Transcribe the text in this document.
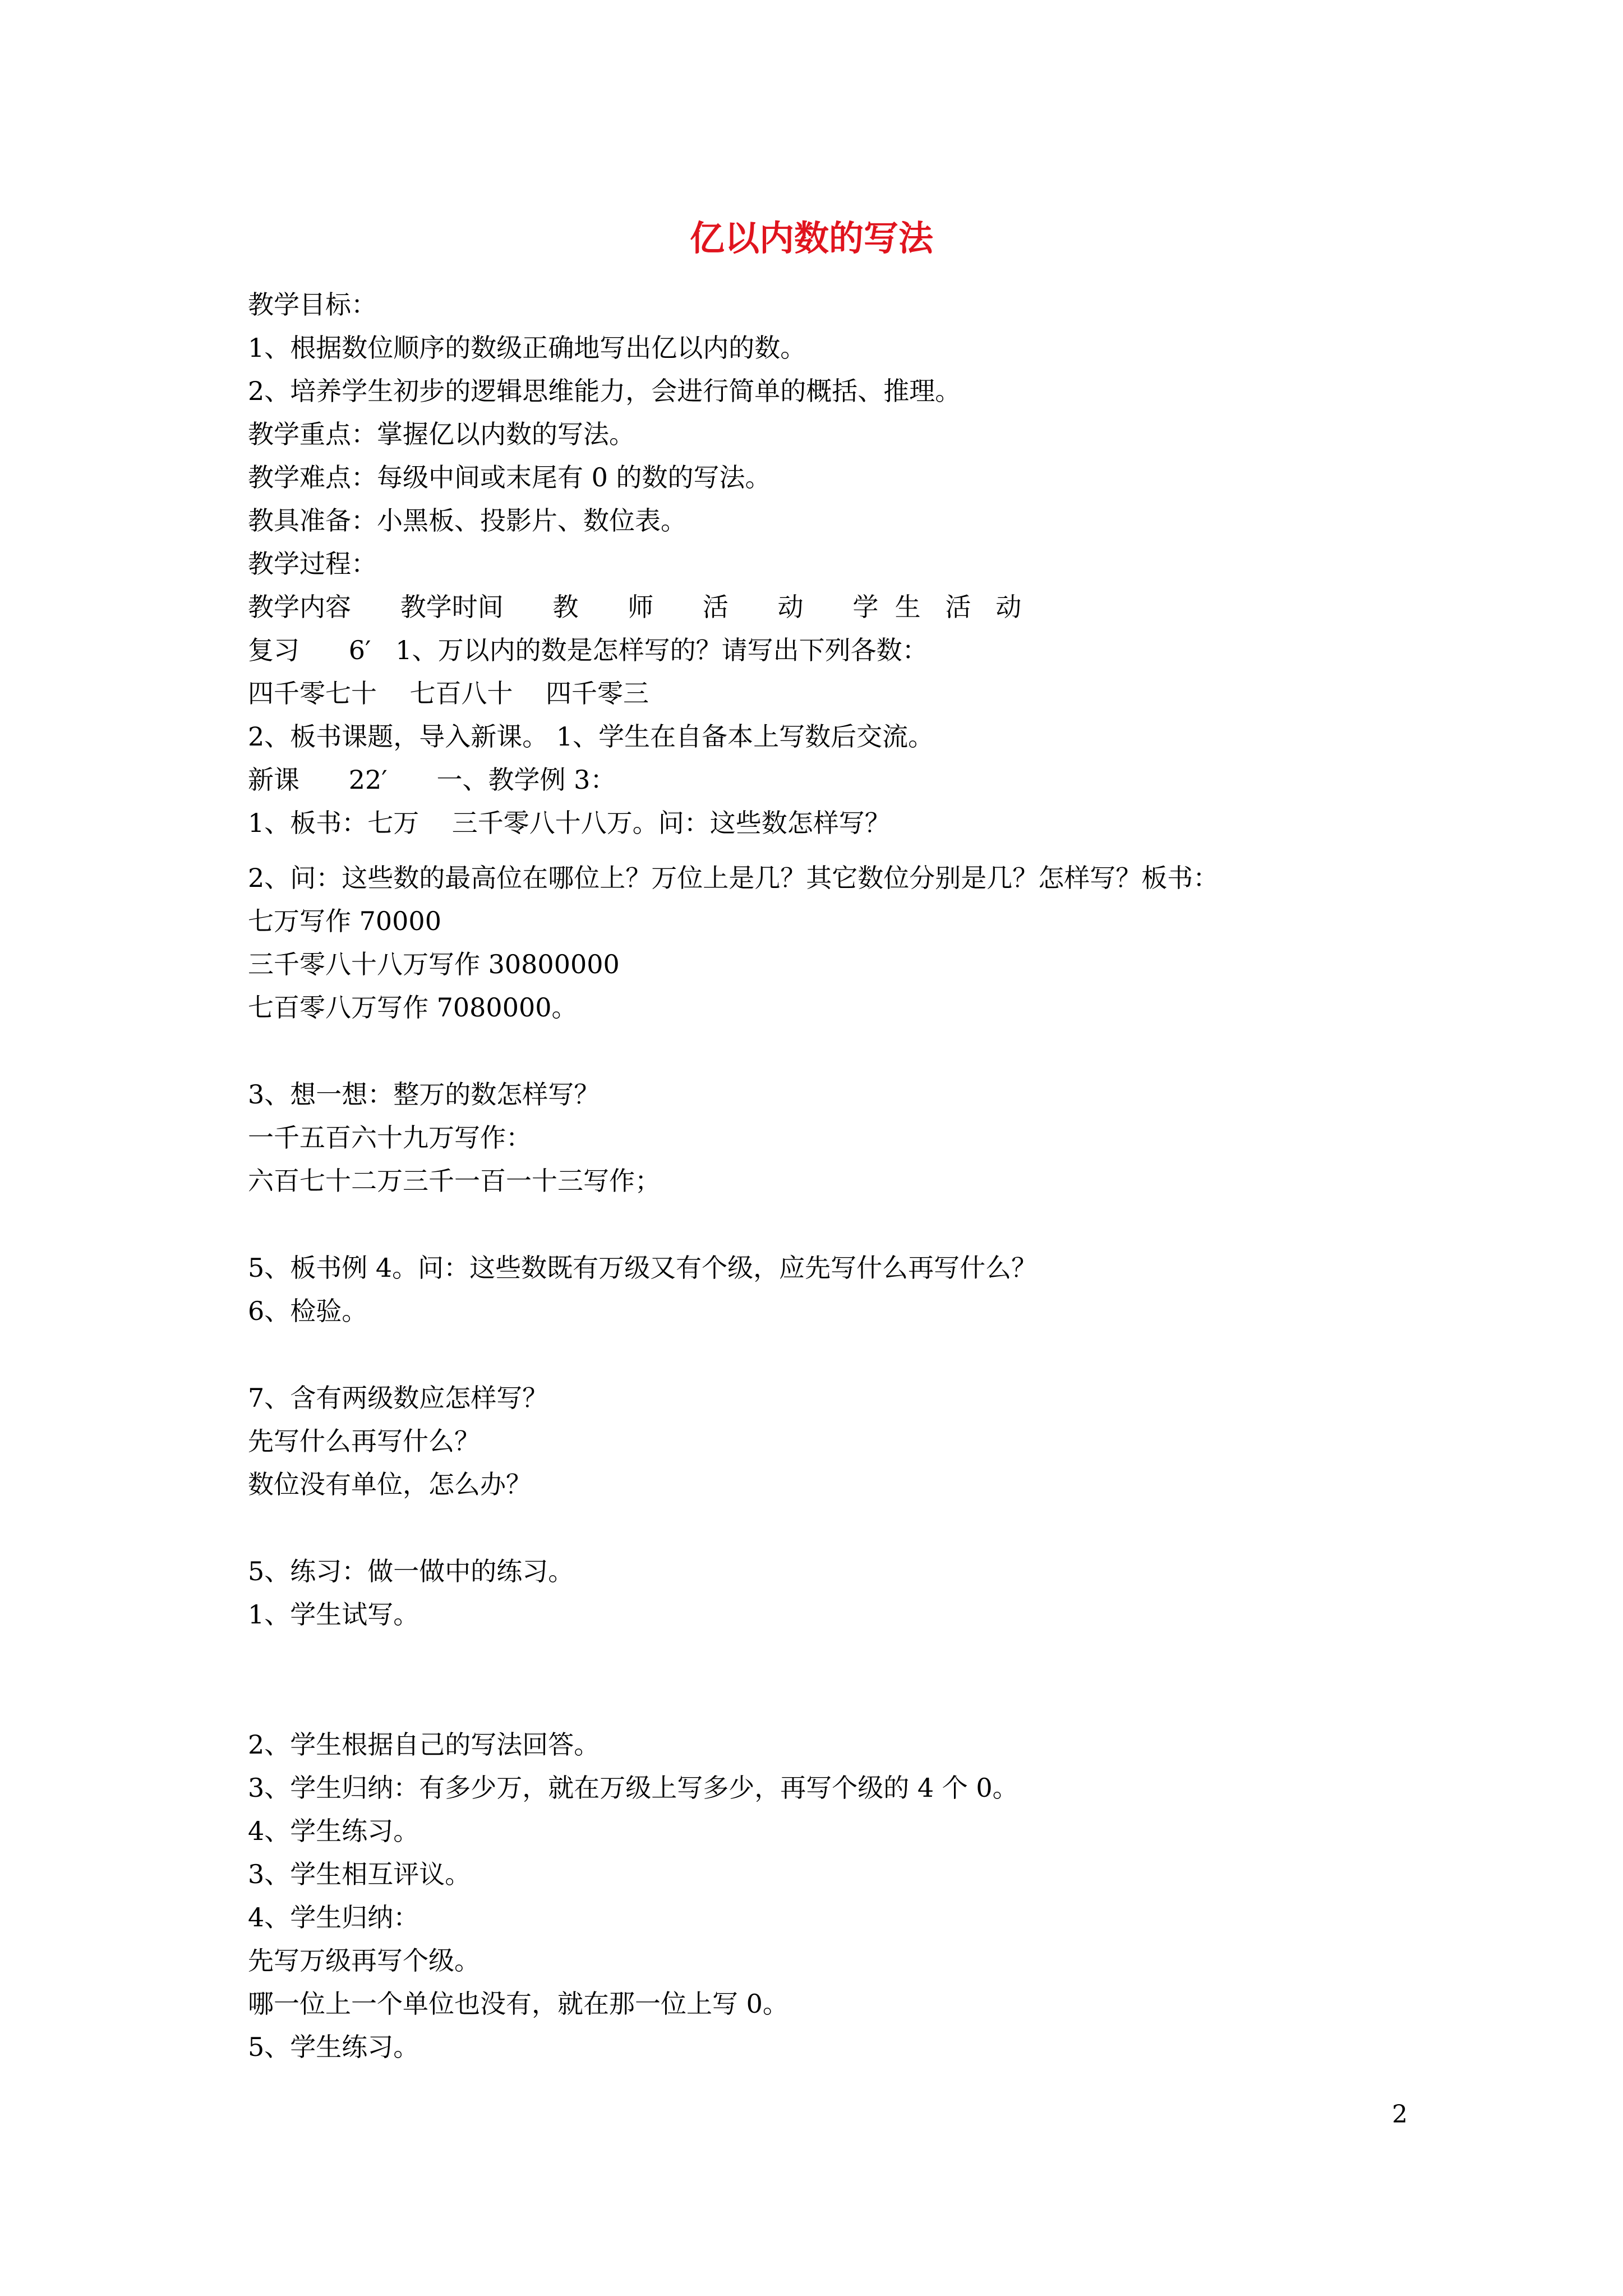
亿以内数的写法
教学目标：
1、根据数位顺序的数级正确地写出亿以内的数。
2、培养学生初步的逻辑思维能力，会进行简单的概括、推理。
教学重点：掌握亿以内数的写法。
教学难点：每级中间或末尾有 0 的数的写法。
教具准备：小黑板、投影片、数位表。
教学过程：
教学内容      教学时间      教      师      活      动      学  生   活   动
复习      6′   1、万以内的数是怎样写的？请写出下列各数：
四千零七十    七百八十    四千零三
2、板书课题，导入新课。 1、学生在自备本上写数后交流。
新课      22′      一、教学例 3：
1、板书：七万    三千零八十八万。问：这些数怎样写？
2、问：这些数的最高位在哪位上？万位上是几？其它数位分别是几？怎样写？板书：
七万写作 70000
三千零八十八万写作 30800000
七百零八万写作 7080000。
3、想一想：整万的数怎样写？
一千五百六十九万写作：
六百七十二万三千一百一十三写作；
5、板书例 4。问：这些数既有万级又有个级，应先写什么再写什么？
6、检验。
7、含有两级数应怎样写？
先写什么再写什么？
数位没有单位，怎么办？
5、练习：做一做中的练习。
1、学生试写。
2、学生根据自己的写法回答。
3、学生归纳：有多少万，就在万级上写多少，再写个级的 4 个 0。
4、学生练习。
3、学生相互评议。
4、学生归纳：
先写万级再写个级。
哪一位上一个单位也没有，就在那一位上写 0。
5、学生练习。
2
